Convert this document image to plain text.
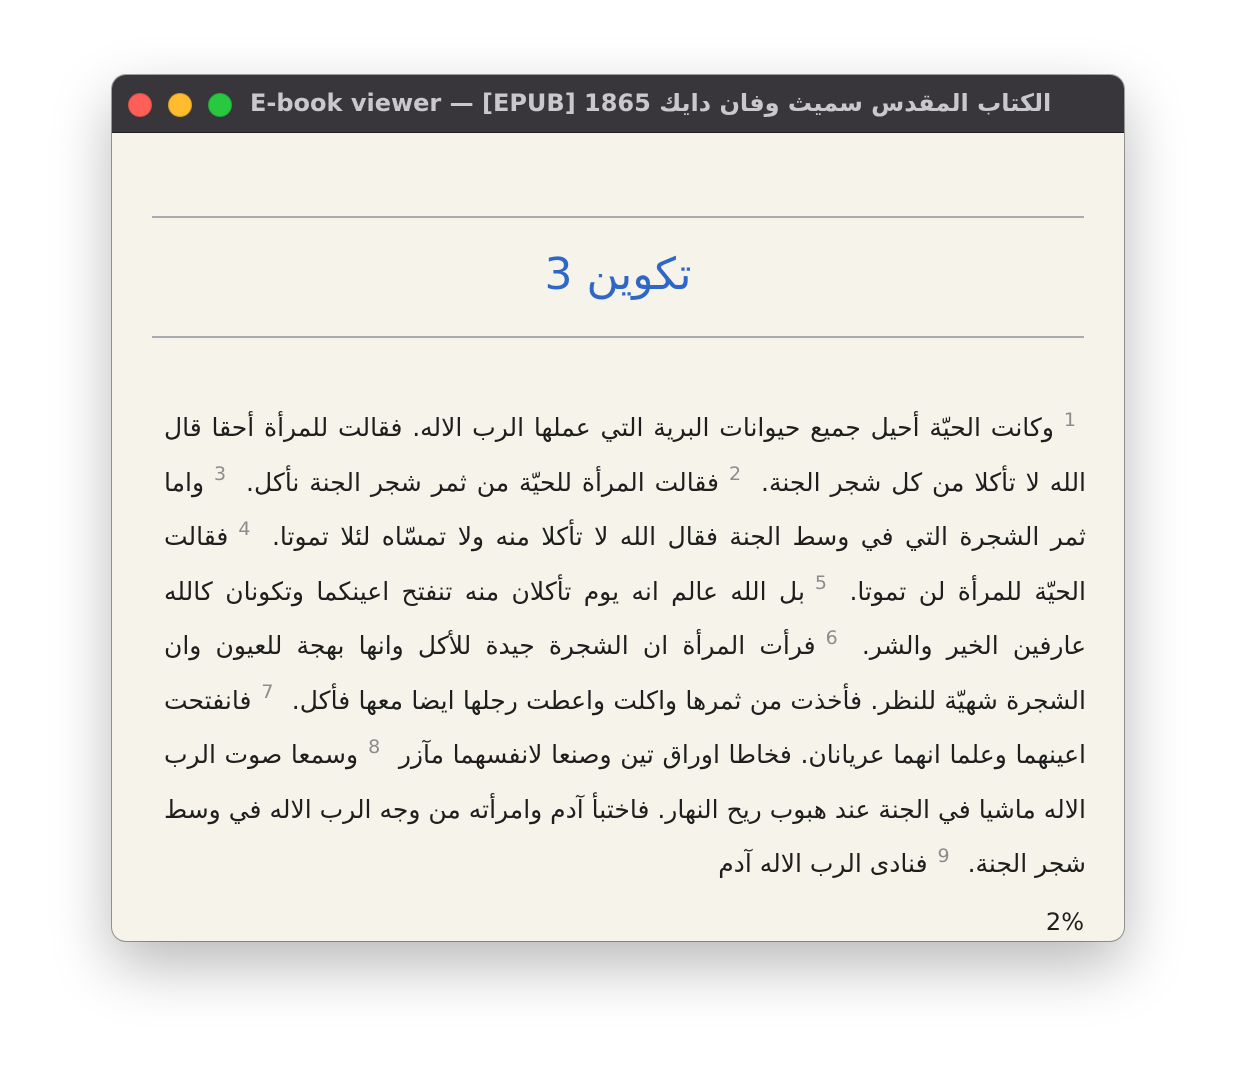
E-book viewer — [EPUB] 1865 الكتاب المقدس سميث وفان دايك
تكوين 3
$^1$وكانت الحيّة أحيل جميع حيوانات البرية التي عملها الرب الاله. فقالت للمرأة أحقا قال الله لا تأكلا من كل شجر الجنة. $^2$فقالت المرأة للحيّة من ثمر شجر الجنة نأكل. $^3$واما ثمر الشجرة التي في وسط الجنة فقال الله لا تأكلا منه ولا تمسّاه لئلا تموتا. $^4$فقالت الحيّة للمرأة لن تموتا. $^5$بل الله عالم انه يوم تأكلان منه تنفتح اعينكما وتكونان كالله عارفين الخير والشر. $^6$فرأت المرأة ان الشجرة جيدة للأكل وانها بهجة للعيون وان الشجرة شهيّة للنظر. فأخذت من ثمرها واكلت واعطت رجلها ايضا معها فأكل. $^7$فانفتحت اعينهما وعلما انهما عريانان. فخاطا اوراق تين وصنعا لانفسهما مآزر $^8$وسمعا صوت الرب الاله ماشيا في الجنة عند هبوب ريح النهار. فاختبأ آدم وامرأته من وجه الرب الاله في وسط شجر الجنة. $^9$فنادى الرب الاله آدم
2%
